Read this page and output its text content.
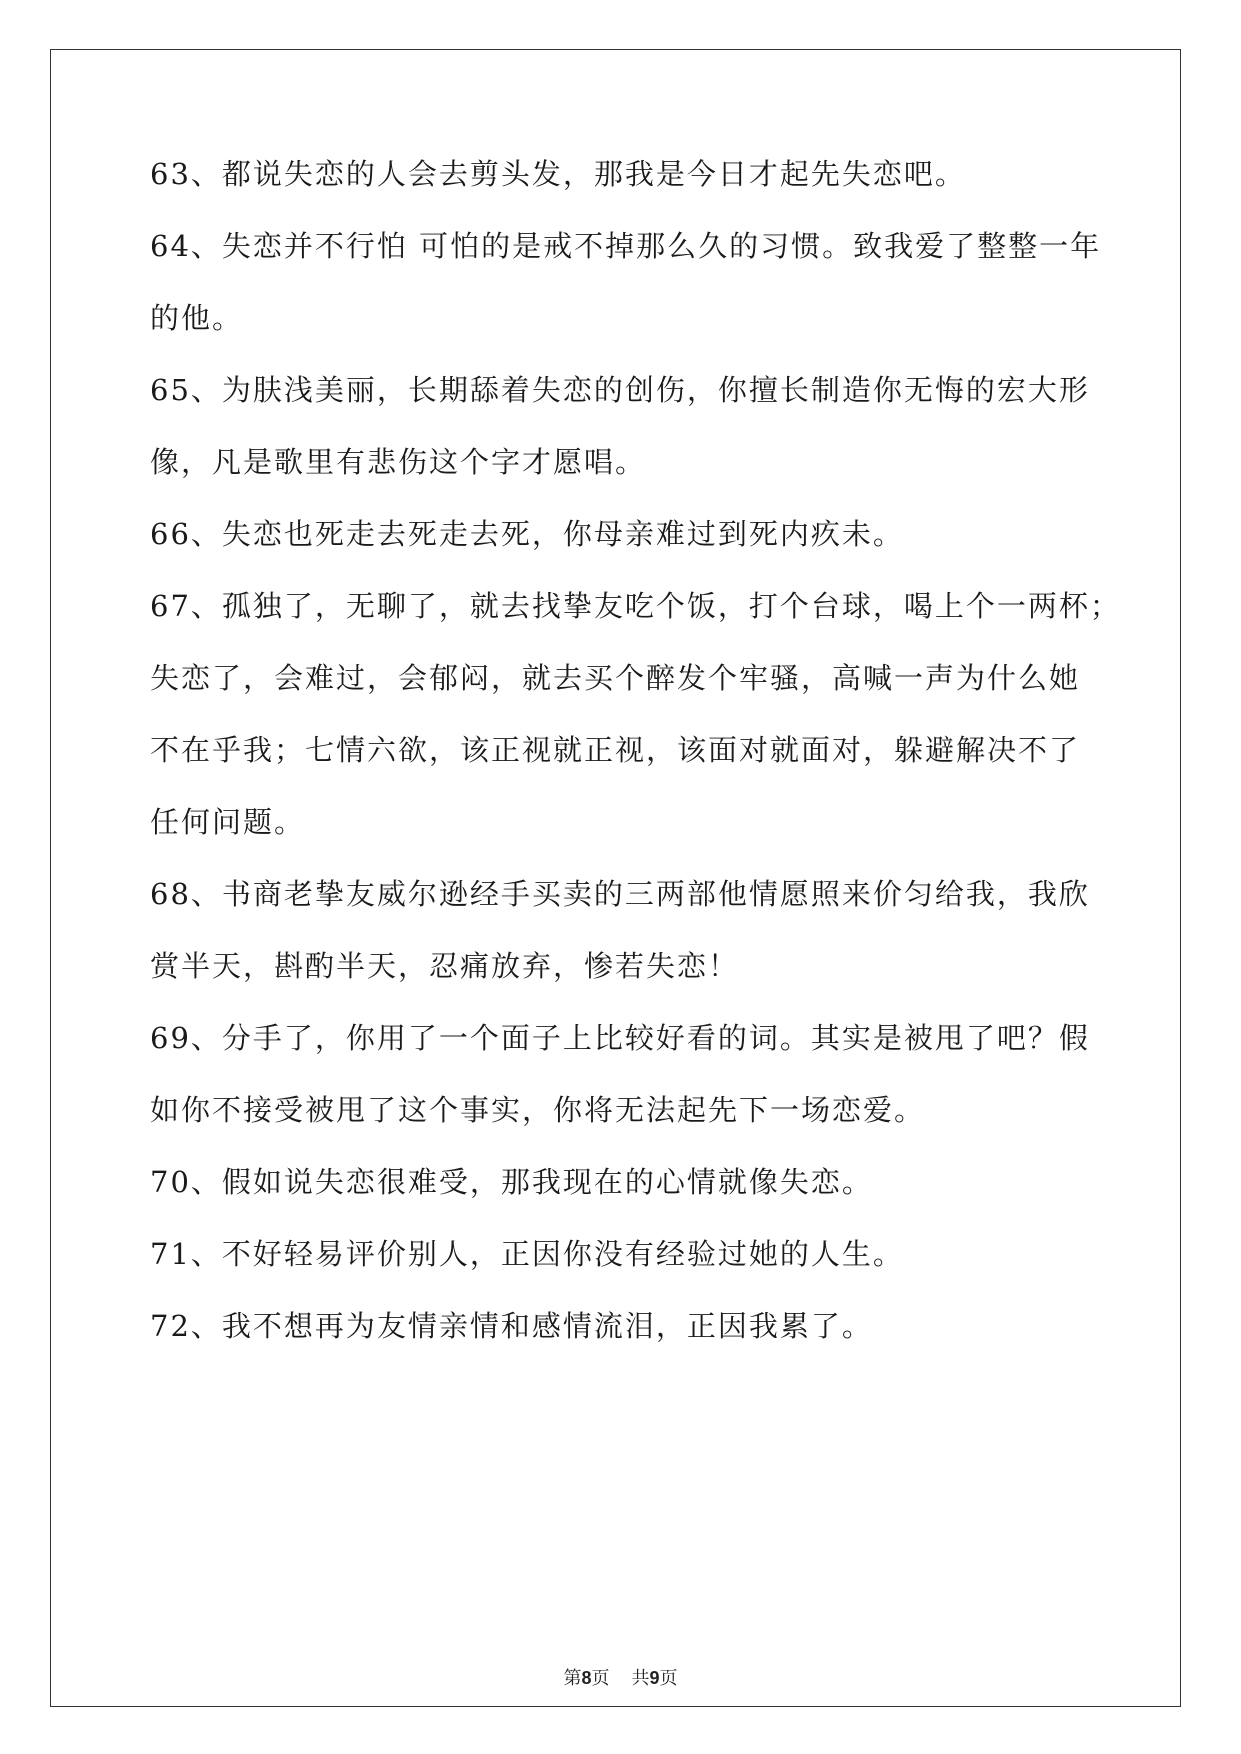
63、都说失恋的人会去剪头发，那我是今日才起先失恋吧。
64、失恋并不行怕 可怕的是戒不掉那么久的习惯。致我爱了整整一年
的他。
65、为肤浅美丽，长期舔着失恋的创伤，你擅长制造你无悔的宏大形
像，凡是歌里有悲伤这个字才愿唱。
66、失恋也死走去死走去死，你母亲难过到死内疚未。
67、孤独了，无聊了，就去找挚友吃个饭，打个台球，喝上个一两杯；
失恋了，会难过，会郁闷，就去买个醉发个牢骚，高喊一声为什么她
不在乎我；七情六欲，该正视就正视，该面对就面对，躲避解决不了
任何问题。
68、书商老挚友威尔逊经手买卖的三两部他情愿照来价匀给我，我欣
赏半天，斟酌半天，忍痛放弃，惨若失恋！
69、分手了，你用了一个面子上比较好看的词。其实是被甩了吧？假
如你不接受被甩了这个事实，你将无法起先下一场恋爱。
70、假如说失恋很难受，那我现在的心情就像失恋。
71、不好轻易评价别人，正因你没有经验过她的人生。
72、我不想再为友情亲情和感情流泪，正因我累了。
第8页 共9页
